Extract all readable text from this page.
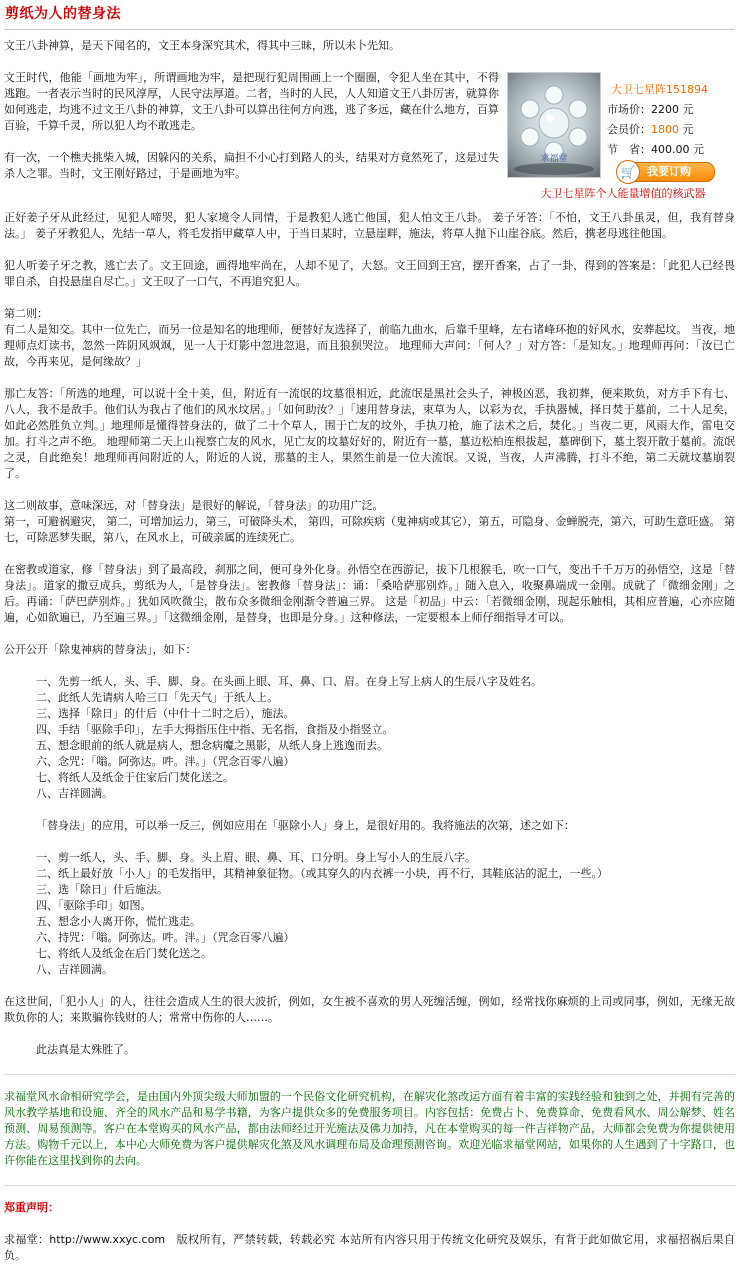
剪纸为人的替身法

文王八卦神算，是天下闻名的，文王本身深究其术，得其中三昧，所以未卜先知。

求福堂
大卫七星阵151894
市场价：2200 元
会员价：1800 元
节　省：400.00 元
🛒	我要订购
大卫七星阵个人能量增值的核武器

文王时代，他能「画地为牢」，所谓画地为牢，是把现行犯周围画上一个圈圈，令犯人坐在其中，不得逃跑。一者表示当时的民风淳厚，人民守法厚道。二者，当时的人民，人人知道文王八卦厉害，就算你如何逃走，均逃不过文王八卦的神算，文王八卦可以算出往何方向逃，逃了多远，藏在什么地方，百算百验，千算千灵，所以犯人均不敢逃走。

有一次，一个樵夫挑柴入城，因躲闪的关系，扁担不小心打到路人的头，结果对方竟然死了，这是过失杀人之罪。当时，文王刚好路过，于是画地为牢。

正好姜子牙从此经过，见犯人啼哭，犯人家境令人同情，于是教犯人逃亡他国，犯人怕文王八卦。 姜子牙答：「不怕，文王八卦虽灵，但，我有替身法。」 姜子牙教犯人，先结一草人，将毛发指甲藏草人中，于当日某时，立悬崖畔，施法，将草人抛下山崖谷底。然后，携老母逃往他国。

犯人听姜子牙之教，逃亡去了。文王回途，画得地牢尚在，人却不见了，大怒。文王回到王宫，摆开香案，占了一卦，得到的答案是：「此犯人已经畏罪自杀，自投悬崖自尽亡。」文王叹了一口气，不再追究犯人。

第二则：
有二人是知交。其中一位先亡，而另一位是知名的地理师，便替好友选择了，前临九曲水，后靠千里峰，左右诸峰环抱的好风水，安葬起坟。 当夜，地理师点灯读书，忽然一阵阴风飒飒，见一人于灯影中忽进忽退，而且狼狈哭泣。 地理师大声问：「何人？」对方答：「是知友。」地理师再问：「汝已亡故，今再来见，是何缘故？」

那亡友答：「所选的地理，可以说十全十美，但，附近有一流氓的坟墓很相近，此流氓是黑社会头子，神极凶恶，我初葬，便来欺负，对方手下有七、八人，我不是敌手。他们认为我占了他们的风水坟居。」「如何助汝？」「速用替身法，束草为人，以彩为衣，手执器械，择日焚于墓前，二十人足矣，如此必然胜负立判。」地理师是懂得替身法的，做了二十个草人，围于亡友的坟外，手执刀枪，施了法术之后，焚化。」当夜二更，风雨大作，雷电交加。打斗之声不绝。 地理师第二天上山视察亡友的风水，见亡友的坟墓好好的，附近有一墓，墓边松柏连根拔起，墓碑倒下，墓土裂开散于墓前。流氓之灵，自此绝矣！地理师再问附近的人，附近的人说，那墓的主人，果然生前是一位大流氓。又说，当夜，人声沸腾，打斗不绝，第二天就坟墓崩裂了。

这二则故事，意味深远，对「替身法」是很好的解说，「替身法」的功用广泛。
第一，可避祸避灾， 第二，可增加运力，第三，可破降头术， 第四，可除疾病（鬼神病或其它），第五，可隐身、金蝉脱壳，第六，可助生意旺盛。 第七，可除恶梦失眠，第八，在风水上，可破亲属的连续死亡。

在密教或道家，修「替身法」到了最高段，刹那之间，便可身外化身。孙悟空在西游记，拔下几根猴毛，吹一口气，变出千千万万的孙悟空，这是「替身法」。道家的撒豆成兵，剪纸为人，「是替身法」。密教修「替身法」：诵：「桑哈萨那别炸。」随入息入，收聚鼻端成一金刚。成就了「微细金刚」之后。再诵：「萨巴萨别炸。」犹如风吹微尘，散布众多微细金刚渐令普遍三界。 这是「初品」中云：「若微细金刚，现起乐触相，其相应普遍，心亦应随遍，心如欲遍已，乃至遍三界。」「这微细金刚，是替身，也即是分身。」这种修法，一定要根本上师仔细指导才可以。

公开公开「除鬼神病的替身法」，如下：

一、先剪一纸人，头、手、脚、身。在头画上眼、耳、鼻、口、眉。在身上写上病人的生辰八字及姓名。
二、此纸人先请病人哈三口「先天气」于纸人上。
三、选择「除日」的什后（中什十二时之后），施法。
四、手结「驱除手印」，左手大拇指压住中指、无名指，食指及小指竖立。
五、想念眼前的纸人就是病人，想念病魔之黑影，从纸人身上逃逸而去。
六、念咒：「嗡。阿弥达。吽。泮。」（咒念百零八遍）
七、将纸人及纸金于住家后门焚化送之。
八、吉祥圆满。

「替身法」的应用，可以举一反三，例如应用在「驱除小人」身上，是很好用的。我将施法的次第，述之如下：

一、剪一纸人，头、手、脚、身。头上眉、眼、鼻、耳、口分明。身上写小人的生辰八字。
二、纸上最好放「小人」的毛发指甲，其精神象征物。（或其穿久的内衣裤一小块，再不行，其鞋底沾的泥土，一些。）
三、选「除日」什后施法。
四、「驱除手印」如图。
五、想念小人离开你，慌忙逃走。
六、持咒：「嗡。阿弥达。吽。泮。」（咒念百零八遍）
七、将纸人及纸金在后门焚化送之。
八、吉祥圆满。

在这世间，「犯小人」的人，往往会造成人生的很大波折，例如，女生被不喜欢的男人死缠活缠，例如，经常找你麻烦的上司或同事，例如，无缘无故欺负你的人；来欺骗你钱财的人；常常中伤你的人……。

此法真是太殊胜了。

求福堂风水命相研究学会，是由国内外顶尖级大师加盟的一个民俗文化研究机构，在解灾化煞改运方面有着丰富的实践经验和独到之处，并拥有完善的风水教学基地和设施、齐全的风水产品和易学书籍，为客户提供众多的免费服务项目。内容包括：免费占卜、免费算命、免费看风水、周公解梦、姓名预测、周易预测等。客户在本堂购买的风水产品，都由法师经过开光施法及佛力加持，凡在本堂购买的每一件吉祥物产品，大师都会免费为你提供使用方法。购物千元以上，本中心大师免费为客户提供解灾化煞及风水调理布局及命理预测咨询。欢迎光临求福堂网站，如果你的人生遇到了十字路口，也许你能在这里找到你的去向。

郑重声明：

求福堂：http://www.xxyc.com　版权所有，严禁转载，转载必究 本站所有内容只用于传统文化研究及娱乐，有背于此如做它用，求福招祸后果自负。
